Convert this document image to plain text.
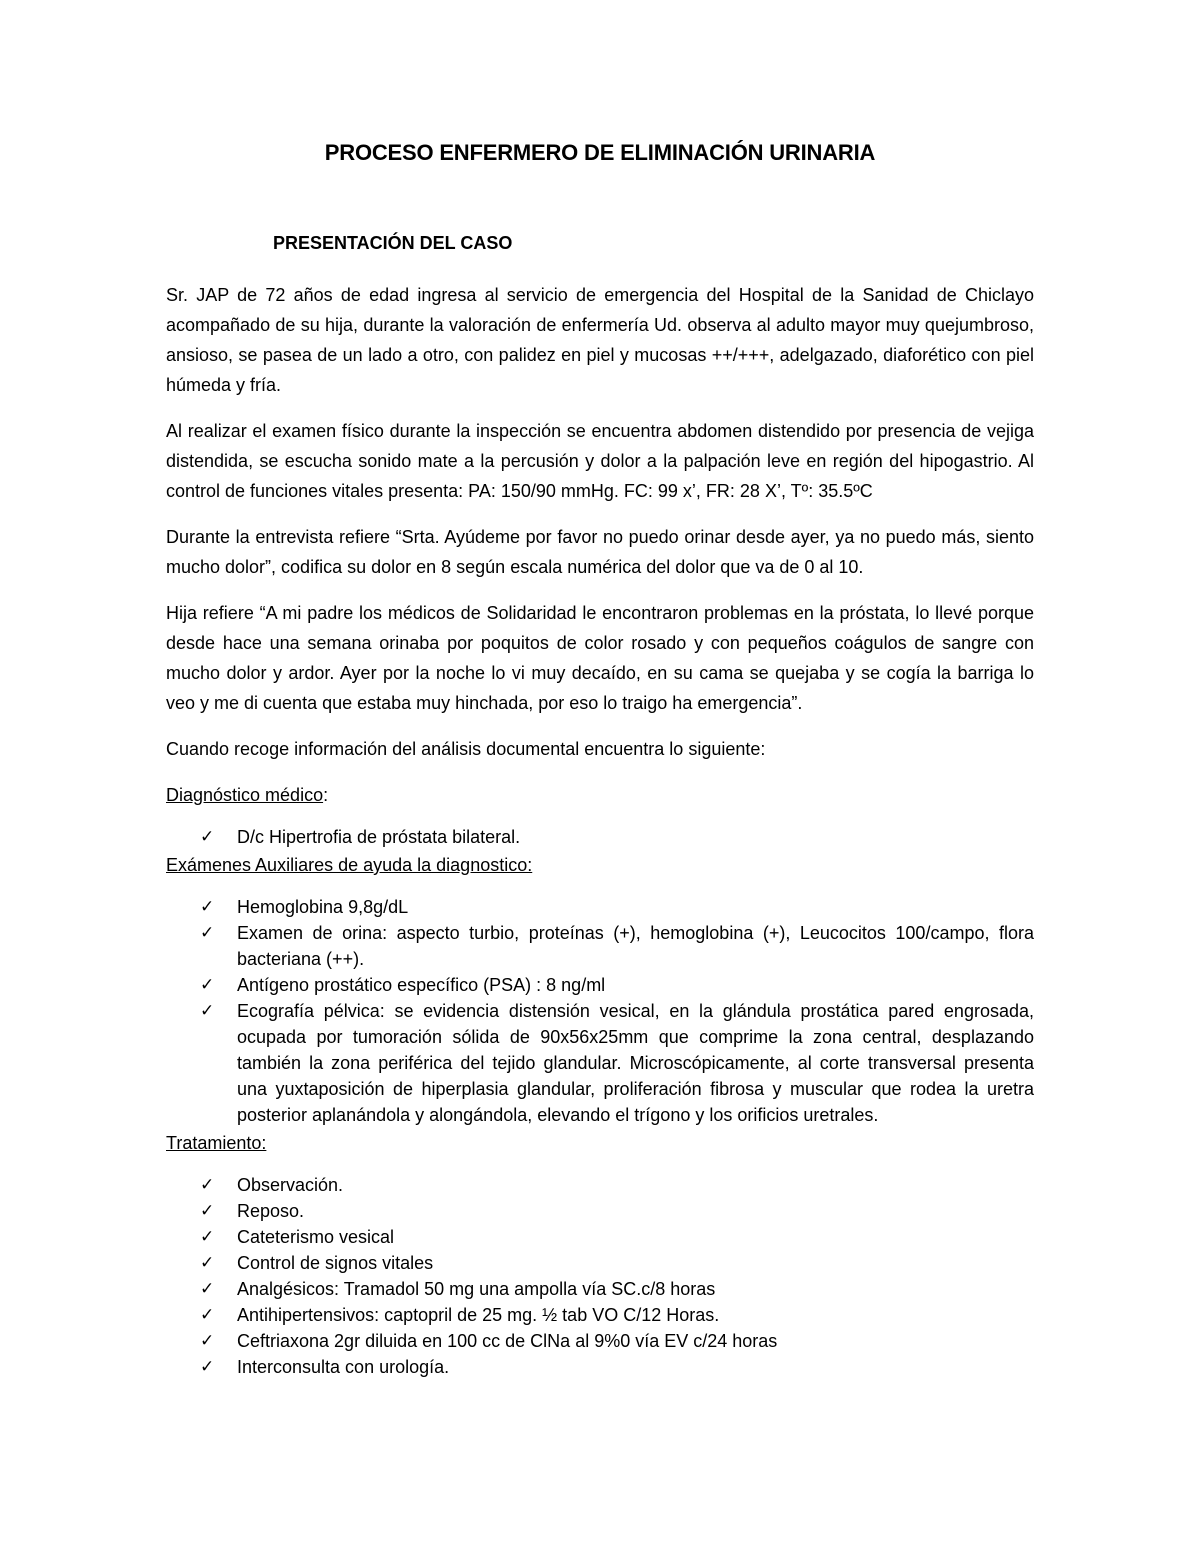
PROCESO ENFERMERO DE ELIMINACIÓN URINARIA
PRESENTACIÓN DEL CASO

Sr. JAP de 72 años de edad ingresa al servicio de emergencia del Hospital de la Sanidad de Chiclayo acompañado de su hija, durante la valoración de enfermería Ud. observa al adulto mayor muy quejumbroso, ansioso, se pasea de un lado a otro, con palidez en piel y mucosas ++/+++, adelgazado, diaforético con piel húmeda y fría.

Al realizar el examen físico durante la inspección se encuentra abdomen distendido por presencia de vejiga distendida, se escucha sonido mate a la percusión y dolor a la palpación leve en región del hipogastrio. Al control de funciones vitales presenta: PA: 150/90 mmHg. FC: 99 x’, FR: 28 X’, Tº: 35.5ºC

Durante la entrevista refiere “Srta. Ayúdeme por favor no puedo orinar desde ayer, ya no puedo más, siento mucho dolor”, codifica su dolor en 8 según escala numérica del dolor que va de 0 al 10.

Hija refiere “A mi padre los médicos de Solidaridad le encontraron problemas en la próstata, lo llevé porque desde hace una semana orinaba por poquitos de color rosado y con pequeños coágulos de sangre con mucho dolor y ardor. Ayer por la noche lo vi muy decaído, en su cama se quejaba y se cogía la barriga lo veo y me di cuenta que estaba muy hinchada, por eso lo traigo ha emergencia”.

Cuando recoge información del análisis documental encuentra lo siguiente:

Diagnóstico médico:
✓ D/c Hipertrofia de próstata bilateral.
Exámenes Auxiliares de ayuda la diagnostico:
✓ Hemoglobina 9,8g/dL
✓ Examen de orina: aspecto turbio, proteínas (+), hemoglobina (+), Leucocitos 100/campo, flora bacteriana (++).
✓ Antígeno prostático específico (PSA) : 8 ng/ml
✓ Ecografía pélvica: se evidencia distensión vesical, en la glándula prostática pared engrosada, ocupada por tumoración sólida de 90x56x25mm que comprime la zona central, desplazando también la zona periférica del tejido glandular. Microscópicamente, al corte transversal presenta una yuxtaposición de hiperplasia glandular, proliferación fibrosa y muscular que rodea la uretra posterior aplanándola y alongándola, elevando el trígono y los orificios uretrales.
Tratamiento:
✓ Observación.
✓ Reposo.
✓ Cateterismo vesical
✓ Control de signos vitales
✓ Analgésicos: Tramadol 50 mg una ampolla vía SC.c/8 horas
✓ Antihipertensivos: captopril de 25 mg. ½ tab VO C/12 Horas.
✓ Ceftriaxona 2gr diluida en 100 cc de ClNa al 9%0 vía EV c/24 horas
✓ Interconsulta con urología.
